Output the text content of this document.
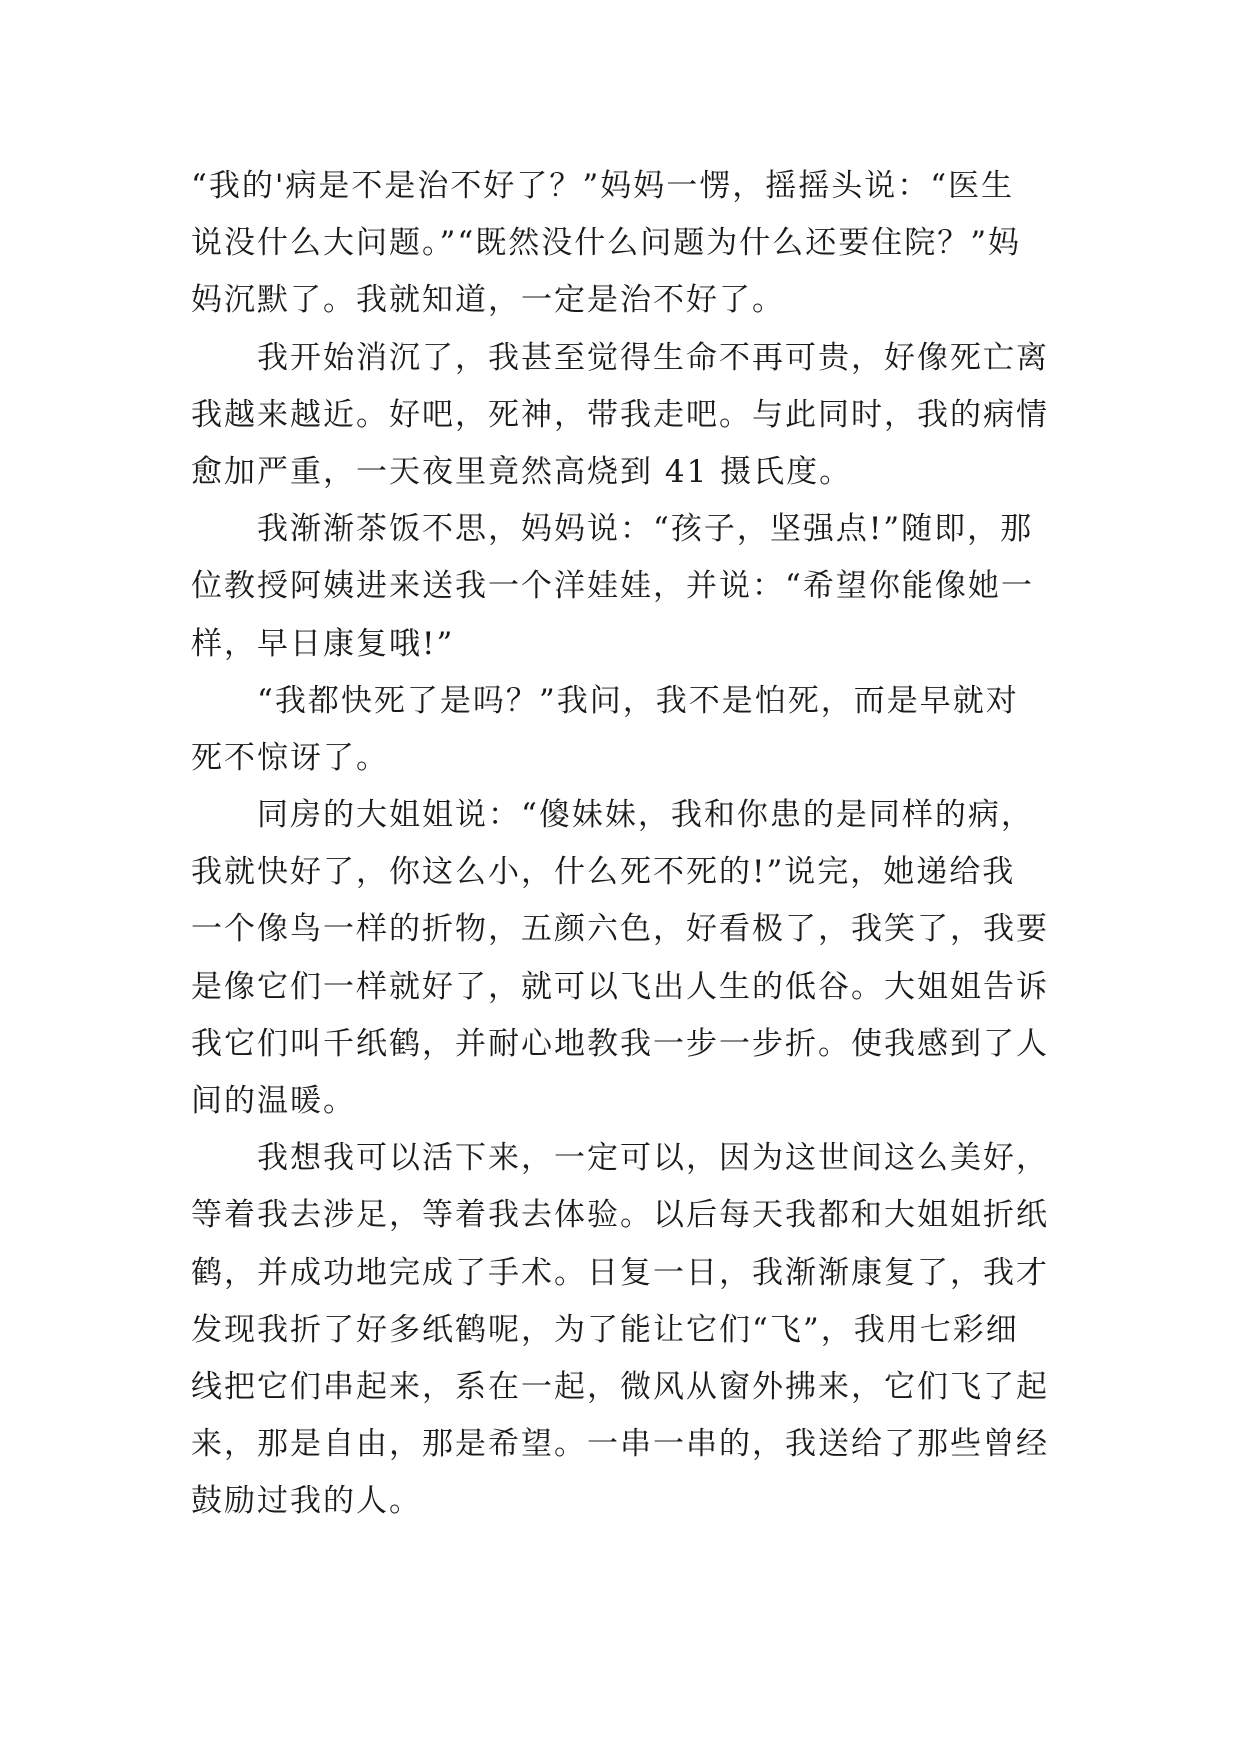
“我的'病是不是治不好了？”妈妈一愣，摇摇头说：“医生
说没什么大问题。”“既然没什么问题为什么还要住院？”妈
妈沉默了。我就知道，一定是治不好了。
　　我开始消沉了，我甚至觉得生命不再可贵，好像死亡离
我越来越近。好吧，死神，带我走吧。与此同时，我的病情
愈加严重，一天夜里竟然高烧到 41 摄氏度。
　　我渐渐茶饭不思，妈妈说：“孩子，坚强点!”随即，那
位教授阿姨进来送我一个洋娃娃，并说：“希望你能像她一
样，早日康复哦!”
　　“我都快死了是吗？”我问，我不是怕死，而是早就对
死不惊讶了。
　　同房的大姐姐说：“傻妹妹，我和你患的是同样的病，
我就快好了，你这么小，什么死不死的!”说完，她递给我
一个像鸟一样的折物，五颜六色，好看极了，我笑了，我要
是像它们一样就好了，就可以飞出人生的低谷。大姐姐告诉
我它们叫千纸鹤，并耐心地教我一步一步折。使我感到了人
间的温暖。
　　我想我可以活下来，一定可以，因为这世间这么美好，
等着我去涉足，等着我去体验。以后每天我都和大姐姐折纸
鹤，并成功地完成了手术。日复一日，我渐渐康复了，我才
发现我折了好多纸鹤呢，为了能让它们“飞”，我用七彩细
线把它们串起来，系在一起，微风从窗外拂来，它们飞了起
来，那是自由，那是希望。一串一串的，我送给了那些曾经
鼓励过我的人。
